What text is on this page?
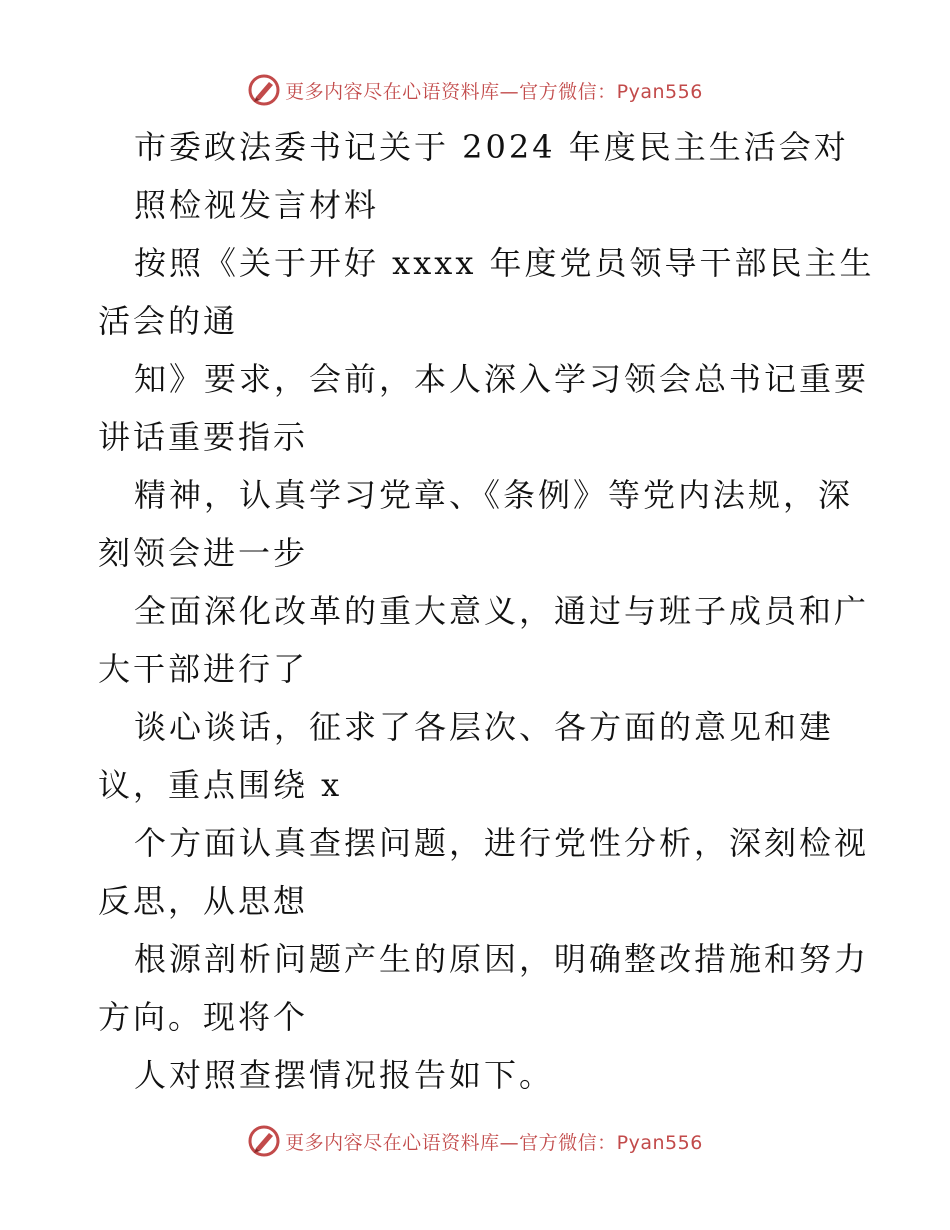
更多内容尽在心语资料库—官方微信：Pyan556
市委政法委书记关于 2024 年度民主生活会对
照检视发言材料
按照《关于开好 xxxx 年度党员领导干部民主生
活会的通
知》要求，会前，本人深入学习领会总书记重要
讲话重要指示
精神，认真学习党章、《条例》等党内法规，深
刻领会进一步
全面深化改革的重大意义，通过与班子成员和广
大干部进行了
谈心谈话，征求了各层次、各方面的意见和建
议，重点围绕 x
个方面认真查摆问题，进行党性分析，深刻检视
反思，从思想
根源剖析问题产生的原因，明确整改措施和努力
方向。现将个
人对照查摆情况报告如下。
更多内容尽在心语资料库—官方微信：Pyan556
